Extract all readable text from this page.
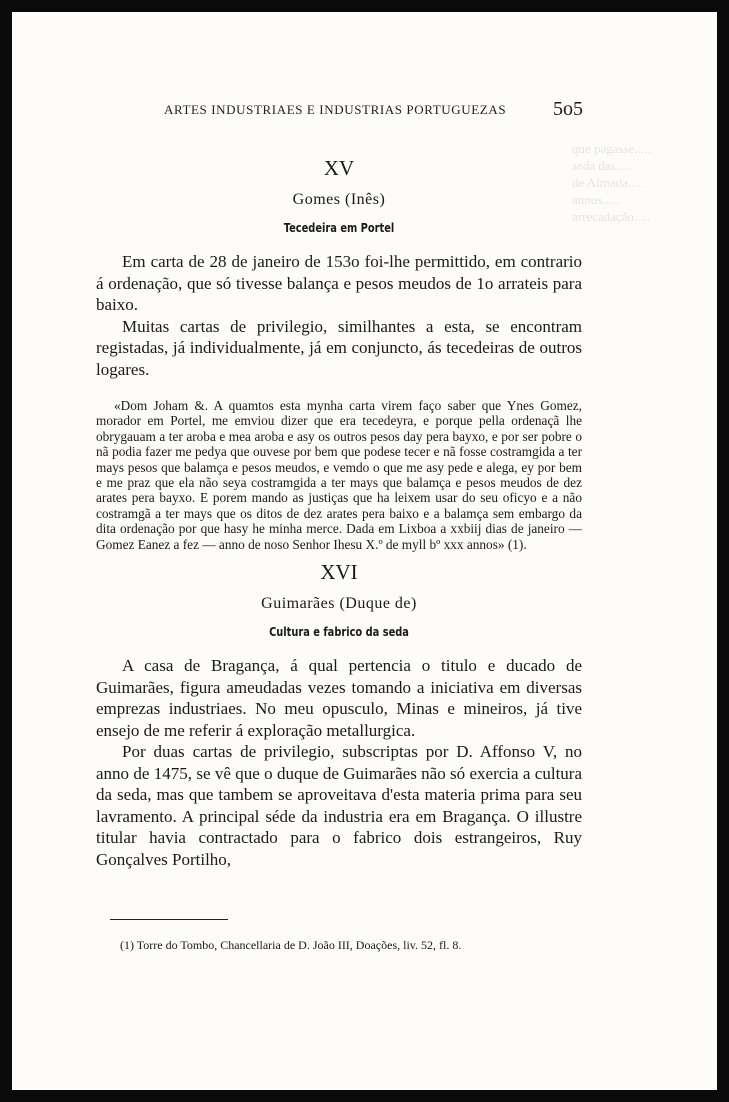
que pagasse.....
seda das.....
de Almada.....
annos.....
arrecadação.....
ARTES INDUSTRIAES E INDUSTRIAS PORTUGUEZAS 5o5
XV
Gomes (Inês)
Tecedeira em Portel

Em carta de 28 de janeiro de 153o foi-lhe permittido, em contrario á ordenação, que só tivesse balança e pesos meudos de 1o arrateis para baixo.

Muitas cartas de privilegio, similhantes a esta, se encontram registadas, já individualmente, já em conjuncto, ás tecedeiras de outros logares.

«Dom Joham &. A quamtos esta mynha carta virem faço saber que Ynes Gomez, morador em Portel, me emviou dizer que era tecedeyra, e porque pella ordenaçã lhe obrygauam a ter aroba e mea aroba e asy os outros pesos day pera bayxo, e por ser pobre o nã podia fazer me pedya que ouvese por bem que podese tecer e nã fosse costramgida a ter mays pesos que balamça e pesos meudos, e vemdo o que me asy pede e alega, ey por bem e me praz que ela não seya costramgida a ter mays que balamça e pesos meudos de dez arates pera bayxo. E porem mando as justiças que ha leixem usar do seu oficyo e a não costramgã a ter mays que os ditos de dez arates pera baixo e a balamça sem embargo da dita ordenação por que hasy he minha merce. Dada em Lixboa a xxbiij dias de janeiro — Gomez Eanez a fez — anno de noso Senhor Ihesu X.º de myll bº xxx annos» (1).

XVI
Guimarães (Duque de)
Cultura e fabrico da seda

A casa de Bragança, á qual pertencia o titulo e ducado de Guimarães, figura ameudadas vezes tomando a iniciativa em diversas emprezas industriaes. No meu opusculo, Minas e mineiros, já tive ensejo de me referir á exploração metallurgica.

Por duas cartas de privilegio, subscriptas por D. Affonso V, no anno de 1475, se vê que o duque de Guimarães não só exercia a cultura da seda, mas que tambem se aproveitava d'esta materia prima para seu lavramento. A principal séde da industria era em Bragança. O illustre titular havia contractado para o fabrico dois estrangeiros, Ruy Gonçalves Portilho,

(1) Torre do Tombo, Chancellaria de D. João III, Doações, liv. 52, fl. 8.
